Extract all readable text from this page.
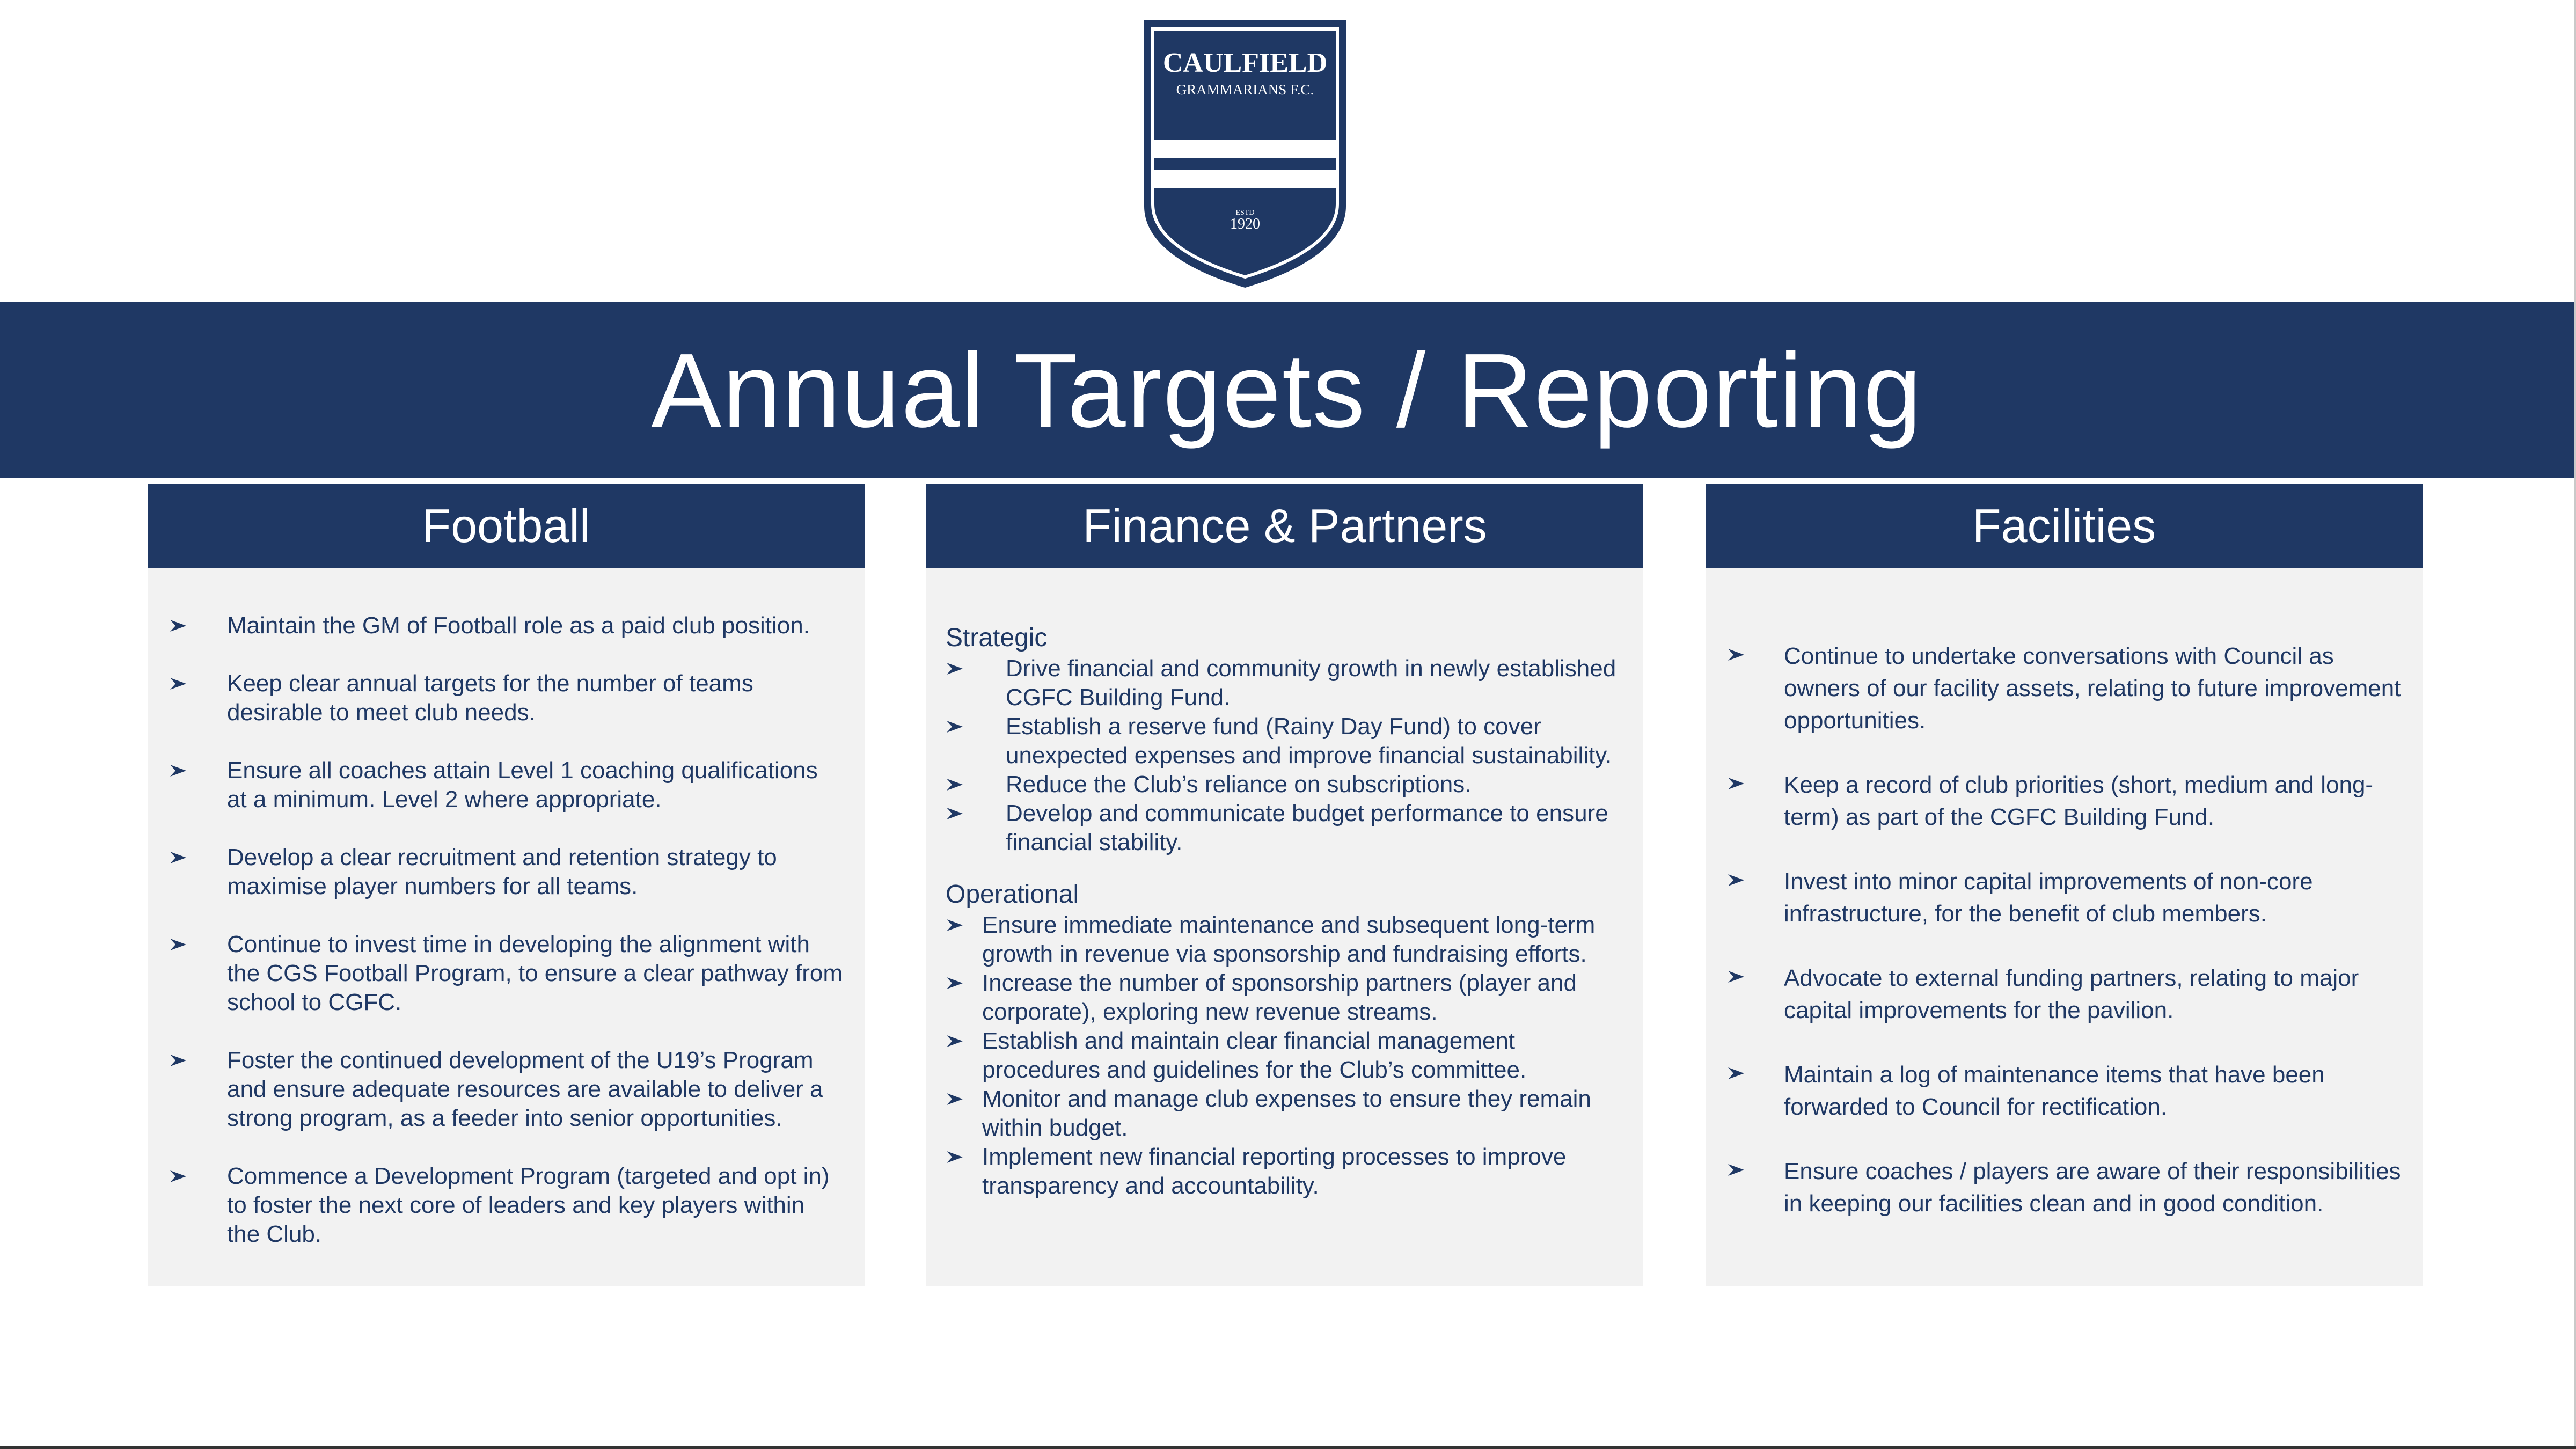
CAULFIELD
GRAMMARIANS F.C.
ESTD
1920
Annual Targets / Reporting
Football
Maintain the GM of Football role as a paid club position.
Keep clear annual targets for the number of teams desirable to meet club needs.
Ensure all coaches attain Level 1 coaching qualifications at a minimum. Level 2 where appropriate.
Develop a clear recruitment and retention strategy to maximise player numbers for all teams.
Continue to invest time in developing the alignment with the CGS Football Program, to ensure a clear pathway from school to CGFC.
Foster the continued development of the U19’s Program and ensure adequate resources are available to deliver a strong program, as a feeder into senior opportunities.
Commence a Development Program (targeted and opt in) to foster the next core of leaders and key players within the Club.
Finance & Partners
Strategic
Drive financial and community growth in newly established CGFC Building Fund.
Establish a reserve fund (Rainy Day Fund) to cover unexpected expenses and improve financial sustainability.
Reduce the Club’s reliance on subscriptions.
Develop and communicate budget performance to ensure financial stability.
Operational
Ensure immediate maintenance and subsequent long-term growth in revenue via sponsorship and fundraising efforts.
Increase the number of sponsorship partners (player and corporate), exploring new revenue streams.
Establish and maintain clear financial management procedures and guidelines for the Club’s committee.
Monitor and manage club expenses to ensure they remain within budget.
Implement new financial reporting processes to improve transparency and accountability.
Facilities
Continue to undertake conversations with Council as owners of our facility assets, relating to future improvement opportunities.
Keep a record of club priorities (short, medium and long-term) as part of the CGFC Building Fund.
Invest into minor capital improvements of non-core infrastructure, for the benefit of club members.
Advocate to external funding partners, relating to major capital improvements for the pavilion.
Maintain a log of maintenance items that have been forwarded to Council for rectification.
Ensure coaches / players are aware of their responsibilities in keeping our facilities clean and in good condition.
